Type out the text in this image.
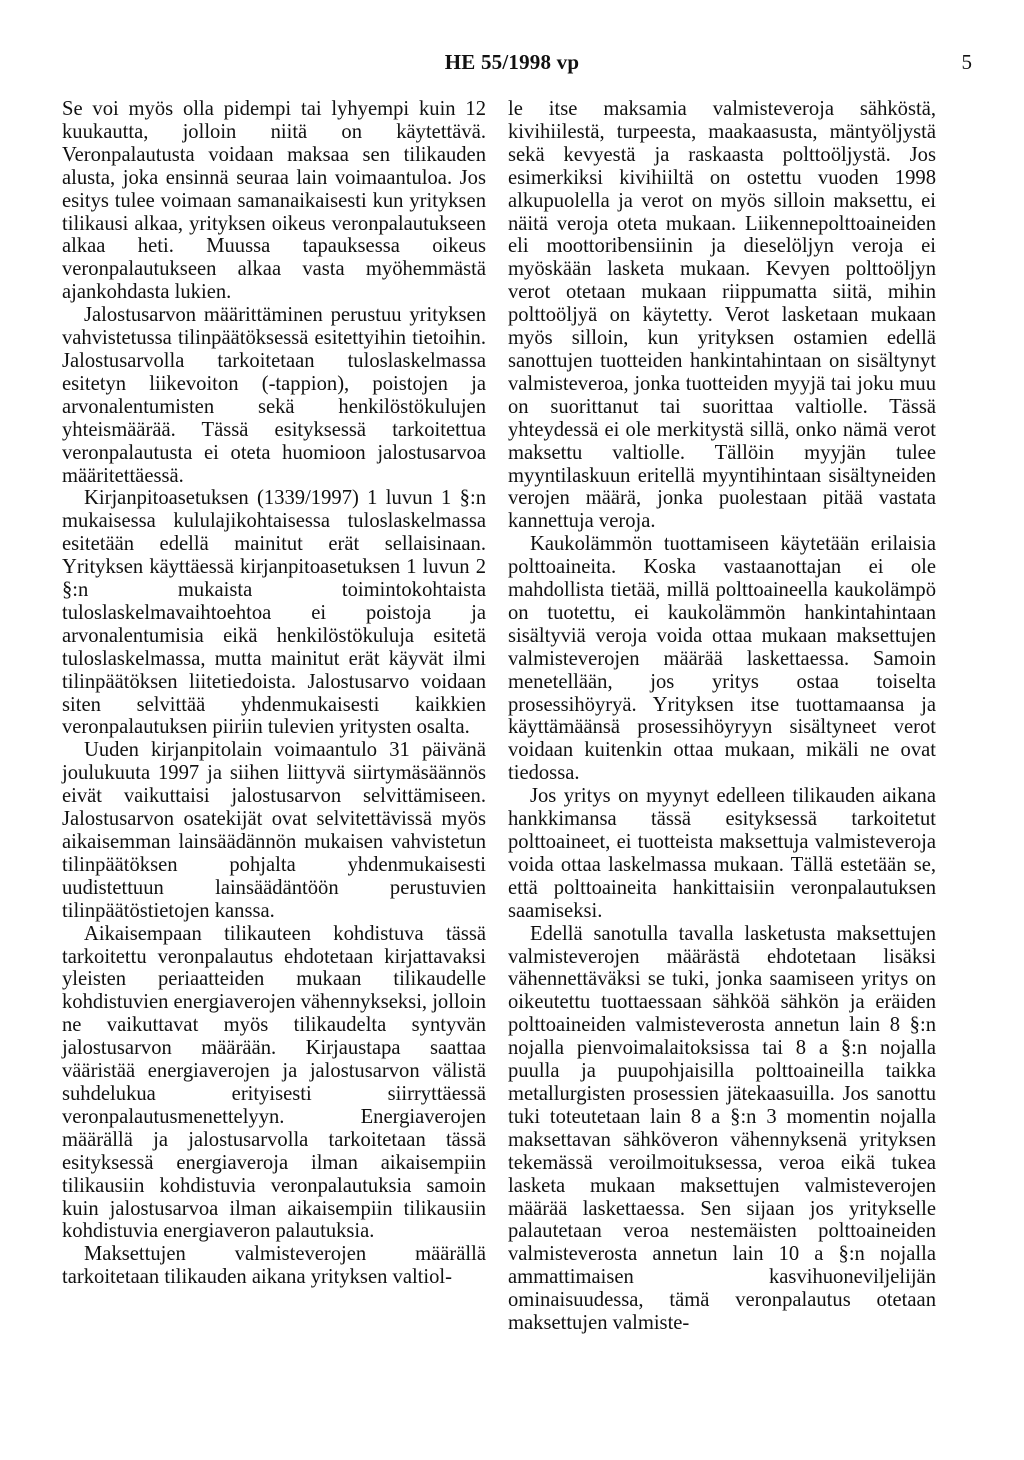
HE 55/1998 vp	5

Se voi myös olla pidempi tai lyhyempi kuin 12 kuukautta, jolloin niitä on käytettävä. Veronpalautusta voidaan maksaa sen tilikauden alusta, joka ensinnä seuraa lain voimaantuloa. Jos esitys tulee voimaan samanaikaisesti kun yrityksen tilikausi alkaa, yrityksen oikeus veronpalautukseen alkaa heti. Muussa tapauksessa oikeus veronpalautukseen alkaa vasta myöhemmästä ajankohdasta lukien.

Jalostusarvon määrittäminen perustuu yrityksen vahvistetussa tilinpäätöksessä esitettyihin tietoihin. Jalostusarvolla tarkoitetaan tuloslaskelmassa esitetyn liikevoiton (-tappion), poistojen ja arvonalentumisten sekä henkilöstökulujen yhteismäärää. Tässä esityksessä tarkoitettua veronpalautusta ei oteta huomioon jalostusarvoa määritettäessä.

Kirjanpitoasetuksen (1339/1997) 1 luvun 1 §:n mukaisessa kululajikohtaisessa tuloslaskelmassa esitetään edellä mainitut erät sellaisinaan. Yrityksen käyttäessä kirjanpitoasetuksen 1 luvun 2 §:n mukaista toimintokohtaista tuloslaskelmavaihtoehtoa ei poistoja ja arvonalentumisia eikä henkilöstökuluja esitetä tuloslaskelmassa, mutta mainitut erät käyvät ilmi tilinpäätöksen liitetiedoista. Jalostusarvo voidaan siten selvittää yhdenmukaisesti kaikkien veronpalautuksen piiriin tulevien yritysten osalta.

Uuden kirjanpitolain voimaantulo 31 päivänä joulukuuta 1997 ja siihen liittyvä siirtymäsäännös eivät vaikuttaisi jalostusarvon selvittämiseen. Jalostusarvon osatekijät ovat selvitettävissä myös aikaisemman lainsäädännön mukaisen vahvistetun tilinpäätöksen pohjalta yhdenmukaisesti uudistettuun lainsäädäntöön perustuvien tilinpäätöstietojen kanssa.

Aikaisempaan tilikauteen kohdistuva tässä tarkoitettu veronpalautus ehdotetaan kirjattavaksi yleisten periaatteiden mukaan tilikaudelle kohdistuvien energiaverojen vähennykseksi, jolloin ne vaikuttavat myös tilikaudelta syntyvän jalostusarvon määrään. Kirjaustapa saattaa vääristää energiaverojen ja jalostusarvon välistä suhdelukua erityisesti siirryttäessä veronpalautusmenettelyyn. Energiaverojen määrällä ja jalostusarvolla tarkoitetaan tässä esityksessä energiaveroja ilman aikaisempiin tilikausiin kohdistuvia veronpalautuksia samoin kuin jalostusarvoa ilman aikaisempiin tilikausiin kohdistuvia energiaveron palautuksia.

Maksettujen valmisteverojen määrällä tarkoitetaan tilikauden aikana yrityksen valtiol-

le itse maksamia valmisteveroja sähköstä, kivihiilestä, turpeesta, maakaasusta, mäntyöljystä sekä kevyestä ja raskaasta polttoöljystä. Jos esimerkiksi kivihiiltä on ostettu vuoden 1998 alkupuolella ja verot on myös silloin maksettu, ei näitä veroja oteta mukaan. Liikennepolttoaineiden eli moottoribensiinin ja dieselöljyn veroja ei myöskään lasketa mukaan. Kevyen polttoöljyn verot otetaan mukaan riippumatta siitä, mihin polttoöljyä on käytetty. Verot lasketaan mukaan myös silloin, kun yrityksen ostamien edellä sanottujen tuotteiden hankintahintaan on sisältynyt valmisteveroa, jonka tuotteiden myyjä tai joku muu on suorittanut tai suorittaa valtiolle. Tässä yhteydessä ei ole merkitystä sillä, onko nämä verot maksettu valtiolle. Tällöin myyjän tulee myyntilaskuun eritellä myyntihintaan sisältyneiden verojen määrä, jonka puolestaan pitää vastata kannettuja veroja.

Kaukolämmön tuottamiseen käytetään erilaisia polttoaineita. Koska vastaanottajan ei ole mahdollista tietää, millä polttoaineella kaukolämpö on tuotettu, ei kaukolämmön hankintahintaan sisältyviä veroja voida ottaa mukaan maksettujen valmisteverojen määrää laskettaessa. Samoin menetellään, jos yritys ostaa toiselta prosessihöyryä. Yrityksen itse tuottamaansa ja käyttämäänsä prosessihöyryyn sisältyneet verot voidaan kuitenkin ottaa mukaan, mikäli ne ovat tiedossa.

Jos yritys on myynyt edelleen tilikauden aikana hankkimansa tässä esityksessä tarkoitetut polttoaineet, ei tuotteista maksettuja valmisteveroja voida ottaa laskelmassa mukaan. Tällä estetään se, että polttoaineita hankittaisiin veronpalautuksen saamiseksi.

Edellä sanotulla tavalla lasketusta maksettujen valmisteverojen määrästä ehdotetaan lisäksi vähennettäväksi se tuki, jonka saamiseen yritys on oikeutettu tuottaessaan sähköä sähkön ja eräiden polttoaineiden valmisteverosta annetun lain 8 §:n nojalla pienvoimalaitoksissa tai 8 a §:n nojalla puulla ja puupohjaisilla polttoaineilla taikka metallurgisten prosessien jätekaasuilla. Jos sanottu tuki toteutetaan lain 8 a §:n 3 momentin nojalla maksettavan sähköveron vähennyksenä yrityksen tekemässä veroilmoituksessa, veroa eikä tukea lasketa mukaan maksettujen valmisteverojen määrää laskettaessa. Sen sijaan jos yritykselle palautetaan veroa nestemäisten polttoaineiden valmisteverosta annetun lain 10 a §:n nojalla ammattimaisen kasvihuoneviljelijän ominaisuudessa, tämä veronpalautus otetaan maksettujen valmiste-
